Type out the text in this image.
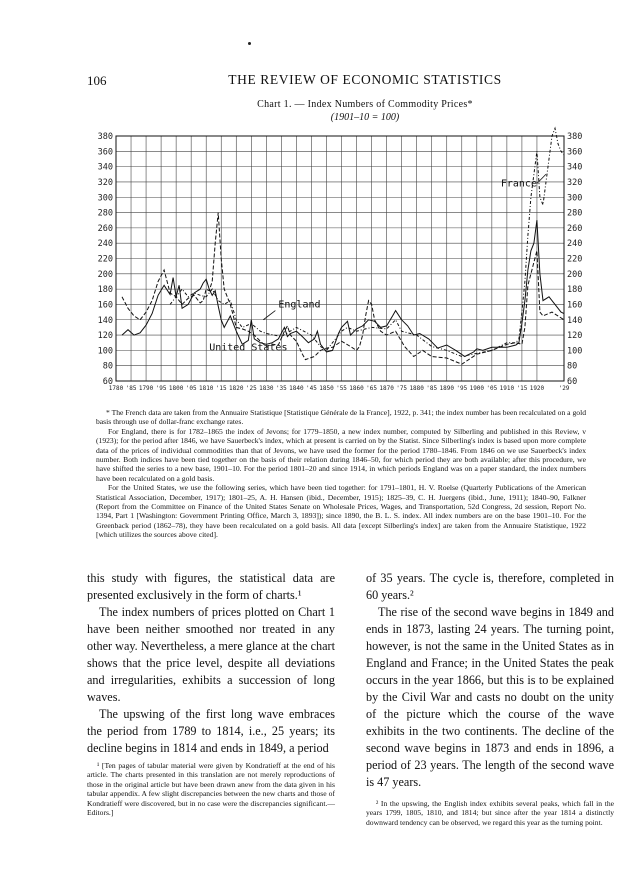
106	THE REVIEW OF ECONOMIC STATISTICS
Chart 1. — Index Numbers of Commodity Prices*
(1901–10 = 100)
380	380
360	360
340	340
320	320
300	300
280	280
260	260
240	240
220	220
200	200
180	180
160	160
140	140
120	120
100	100
80	80
60	60
1780 '85 1790 '95 1800 '05 1810 '15 1820 '25 1830 '35 1840 '45 1850 '55 1860 '65 1870 '75 1880 '85 1890 '95 1900 '05 1910 '15 1920 '29
France
England
United States

* The French data are taken from the Annuaire Statistique [Statistique Générale de la France], 1922, p. 341; the index number has been recalculated on a gold basis through use of dollar-franc exchange rates.

For England, there is for 1782–1865 the index of Jevons; for 1779–1850, a new index number, computed by Silberling and published in this Review, v (1923); for the period after 1846, we have Sauerbeck's index, which at present is carried on by the Statist. Since Silberling's index is based upon more complete data of the prices of individual commodities than that of Jevons, we have used the former for the period 1780–1846. From 1846 on we use Sauerbeck's index number. Both indices have been tied together on the basis of their relation during 1846–50, for which period they are both available; after this procedure, we have shifted the series to a new base, 1901–10. For the period 1801–20 and since 1914, in which periods England was on a paper standard, the index numbers have been recalculated on a gold basis.

For the United States, we use the following series, which have been tied together: for 1791–1801, H. V. Roelse (Quarterly Publications of the American Statistical Association, December, 1917); 1801–25, A. H. Hansen (ibid., December, 1915); 1825–39, C. H. Juergens (ibid., June, 1911); 1840–90, Falkner (Report from the Committee on Finance of the United States Senate on Wholesale Prices, Wages, and Transportation, 52d Congress, 2d session, Report No. 1394, Part 1 [Washington: Government Printing Office, March 3, 1893]); since 1890, the B. L. S. index. All index numbers are on the base 1901–10. For the Greenback period (1862–78), they have been recalculated on a gold basis. All data [except Silberling's index] are taken from the Annuaire Statistique, 1922 [which utilizes the sources above cited].

this study with figures, the statistical data are presented exclusively in the form of charts.¹

The index numbers of prices plotted on Chart 1 have been neither smoothed nor treated in any other way. Nevertheless, a mere glance at the chart shows that the price level, despite all deviations and irregularities, exhibits a succession of long waves.

The upswing of the first long wave embraces the period from 1789 to 1814, i.e., 25 years; its decline begins in 1814 and ends in 1849, a period

¹ [Ten pages of tabular material were given by Kondratieff at the end of his article. The charts presented in this translation are not merely reproductions of those in the original article but have been drawn anew from the data given in his tabular appendix. A few slight discrepancies between the new charts and those of Kondratieff were discovered, but in no case were the discrepancies significant.—Editors.]

of 35 years. The cycle is, therefore, completed in 60 years.²

The rise of the second wave begins in 1849 and ends in 1873, lasting 24 years. The turning point, however, is not the same in the United States as in England and France; in the United States the peak occurs in the year 1866, but this is to be explained by the Civil War and casts no doubt on the unity of the picture which the course of the wave exhibits in the two continents. The decline of the second wave begins in 1873 and ends in 1896, a period of 23 years. The length of the second wave is 47 years.

² In the upswing, the English index exhibits several peaks, which fall in the years 1799, 1805, 1810, and 1814; but since after the year 1814 a distinctly downward tendency can be observed, we regard this year as the turning point.
